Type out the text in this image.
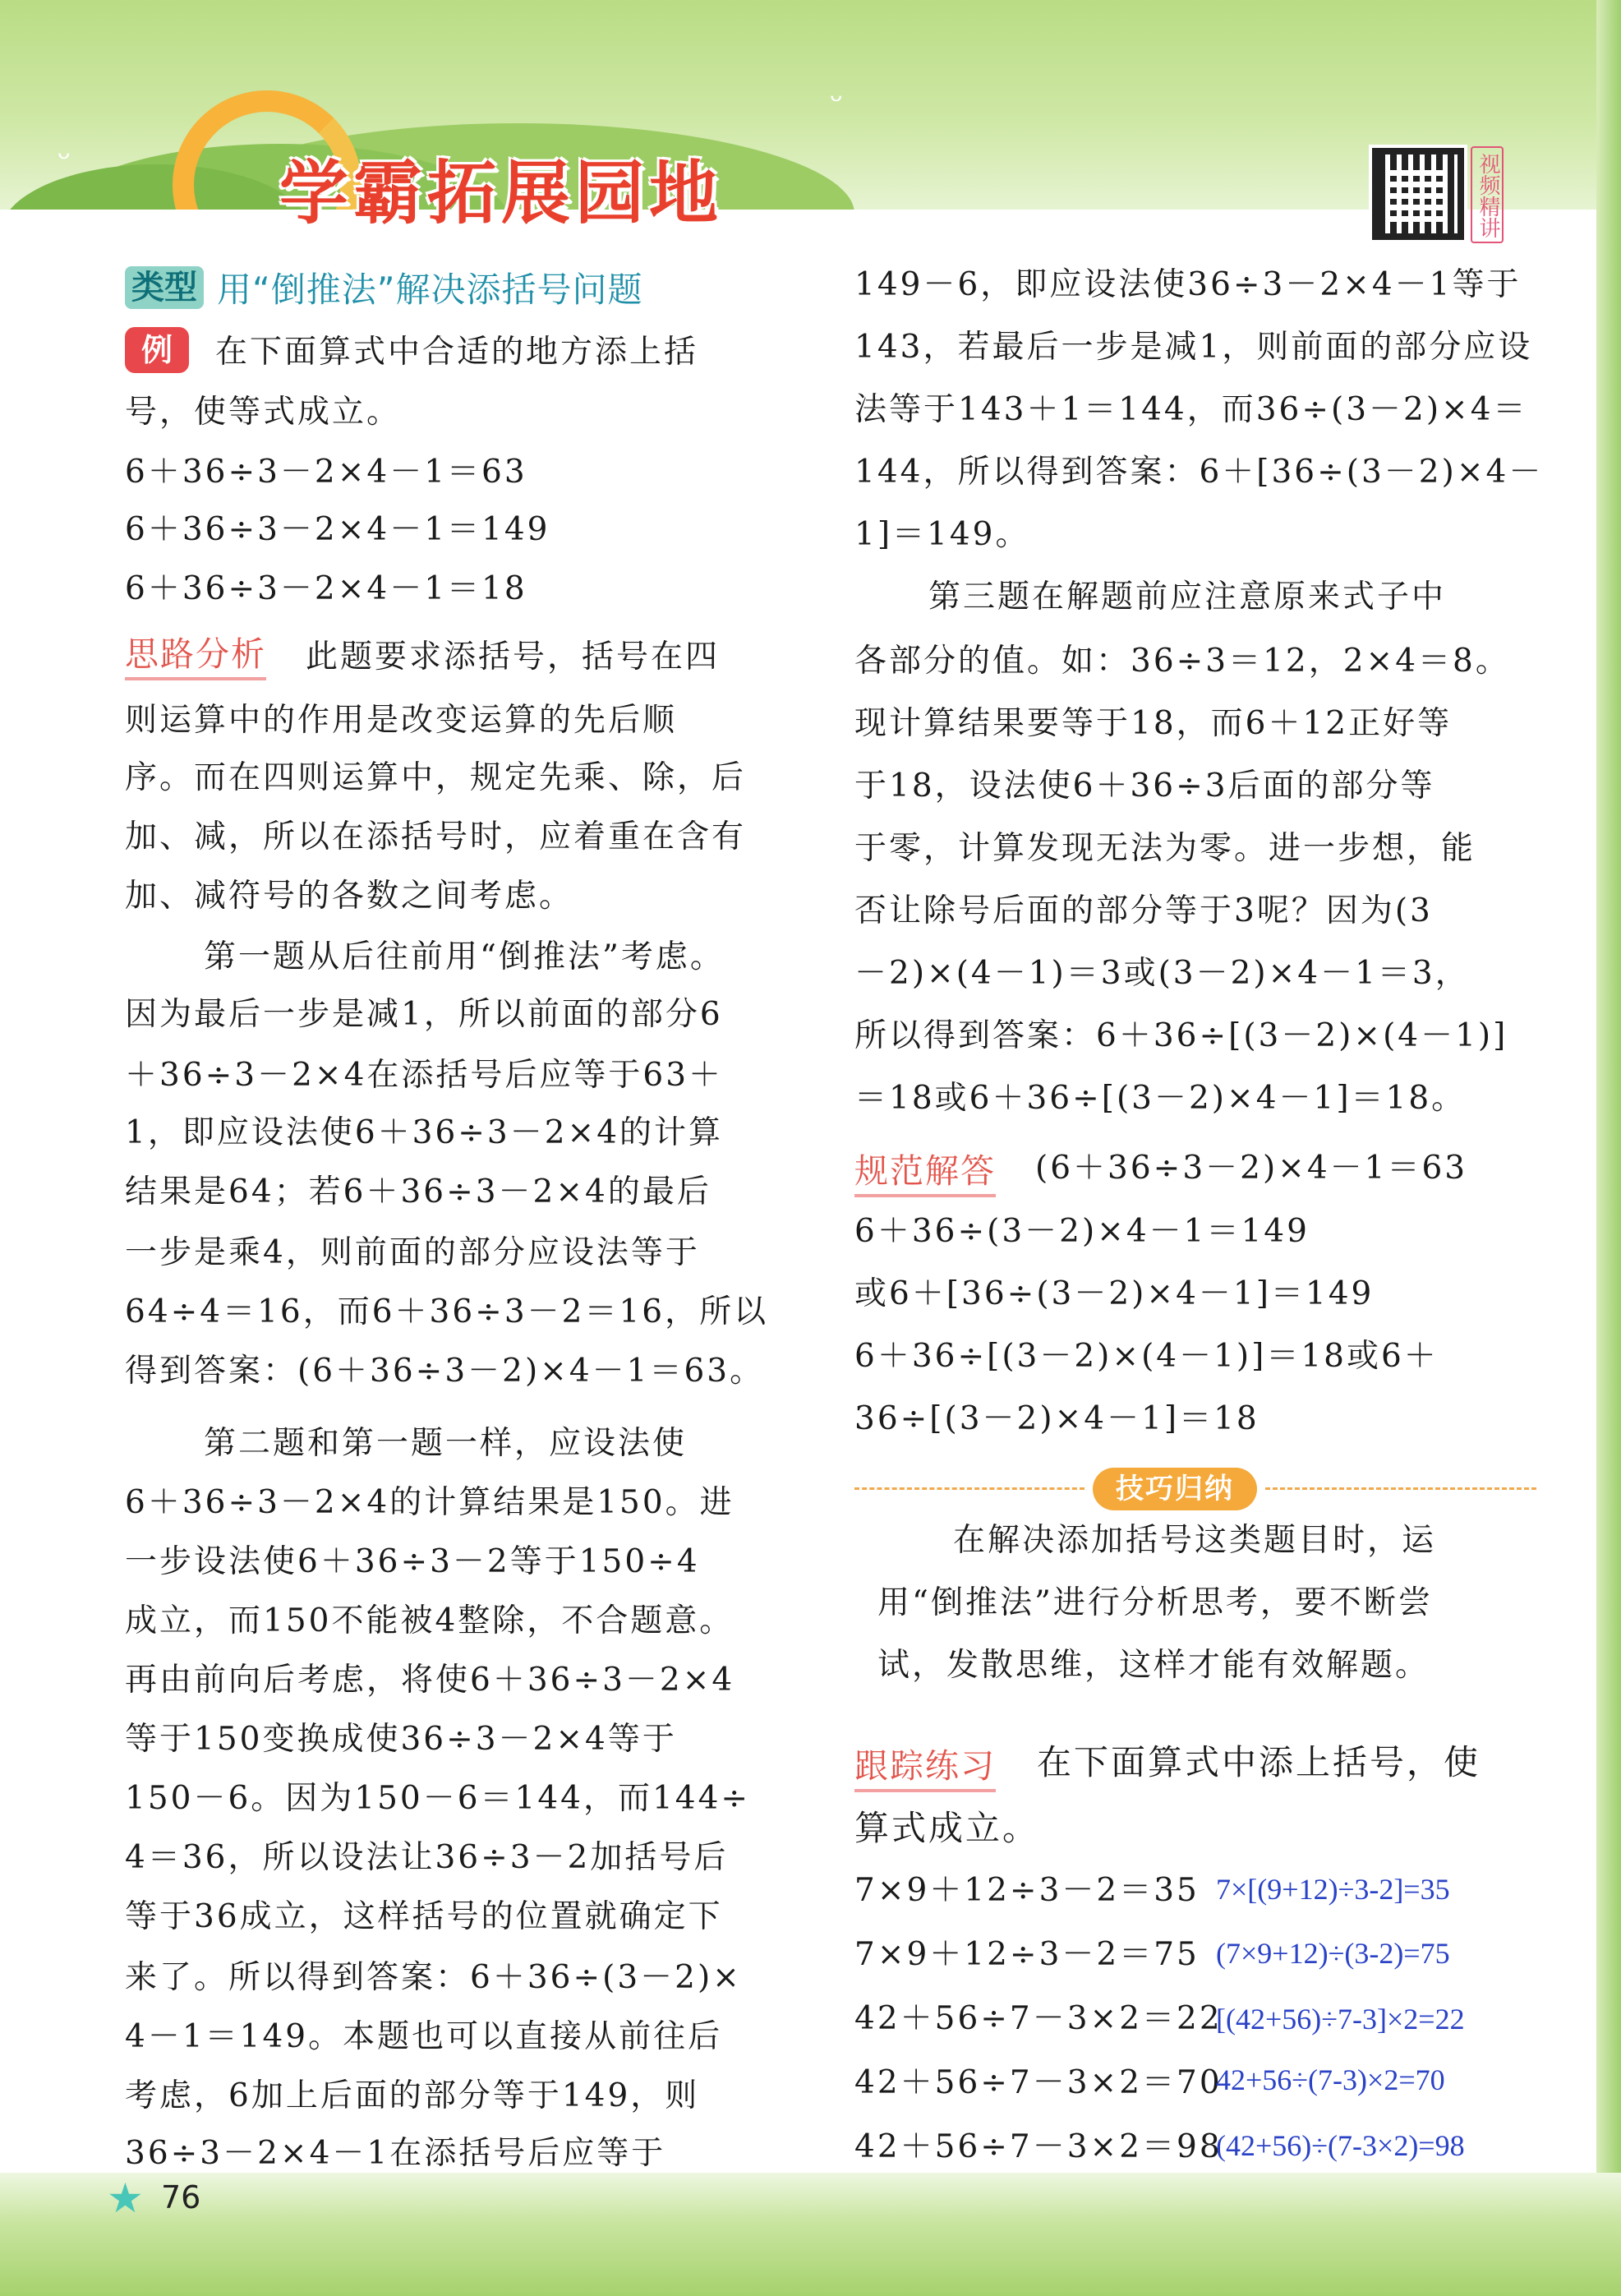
ᵕ
ᵕ
学霸拓展园地	视频精讲
类型 用“倒推法”解决添括号问题
例	在下面算式中合适的地方添上括
号，使等式成立。
6＋36÷3－2×4－1＝63
6＋36÷3－2×4－1＝149
6＋36÷3－2×4－1＝18
思路分析 此题要求添括号，括号在四
则运算中的作用是改变运算的先后顺
序。而在四则运算中，规定先乘、除，后
加、减，所以在添括号时，应着重在含有
加、减符号的各数之间考虑。
第一题从后往前用“倒推法”考虑。
因为最后一步是减1，所以前面的部分6
＋36÷3－2×4在添括号后应等于63＋
1，即应设法使6＋36÷3－2×4的计算
结果是64；若6＋36÷3－2×4的最后
一步是乘4，则前面的部分应设法等于
64÷4＝16，而6＋36÷3－2＝16，所以
得到答案：(6＋36÷3－2)×4－1＝63。
第二题和第一题一样，应设法使
6＋36÷3－2×4的计算结果是150。进
一步设法使6＋36÷3－2等于150÷4
成立，而150不能被4整除，不合题意。
再由前向后考虑，将使6＋36÷3－2×4
等于150变换成使36÷3－2×4等于
150－6。因为150－6＝144，而144÷
4＝36，所以设法让36÷3－2加括号后
等于36成立，这样括号的位置就确定下
来了。所以得到答案：6＋36÷(3－2)×
4－1＝149。本题也可以直接从前往后
考虑，6加上后面的部分等于149，则
36÷3－2×4－1在添括号后应等于
149－6，即应设法使36÷3－2×4－1等于
143，若最后一步是减1，则前面的部分应设
法等于143＋1＝144，而36÷(3－2)×4＝
144，所以得到答案：6＋[36÷(3－2)×4－
1]＝149。
第三题在解题前应注意原来式子中
各部分的值。如：36÷3＝12，2×4＝8。
现计算结果要等于18，而6＋12正好等
于18，设法使6＋36÷3后面的部分等
于零，计算发现无法为零。进一步想，能
否让除号后面的部分等于3呢？因为(3
－2)×(4－1)＝3或(3－2)×4－1＝3，
所以得到答案：6＋36÷[(3－2)×(4－1)]
＝18或6＋36÷[(3－2)×4－1]＝18。
规范解答 (6＋36÷3－2)×4－1＝63
6＋36÷(3－2)×4－1＝149
或6＋[36÷(3－2)×4－1]＝149
6＋36÷[(3－2)×(4－1)]＝18或6＋
36÷[(3－2)×4－1]＝18
技巧归纳
在解决添加括号这类题目时，运
用“倒推法”进行分析思考，要不断尝
试，发散思维，这样才能有效解题。
跟踪练习 在下面算式中添上括号，使
算式成立。
7×9＋12÷3－2＝35 7×[(9+12)÷3-2]=35
7×9＋12÷3－2＝75 (7×9+12)÷(3-2)=75
42＋56÷7－3×2＝22
[(42+56)÷7-3]×2=22
42＋56÷7－3×2＝70
42+56÷(7-3)×2=70
42＋56÷7－3×2＝98
(42+56)÷(7-3×2)=98
★ 76
